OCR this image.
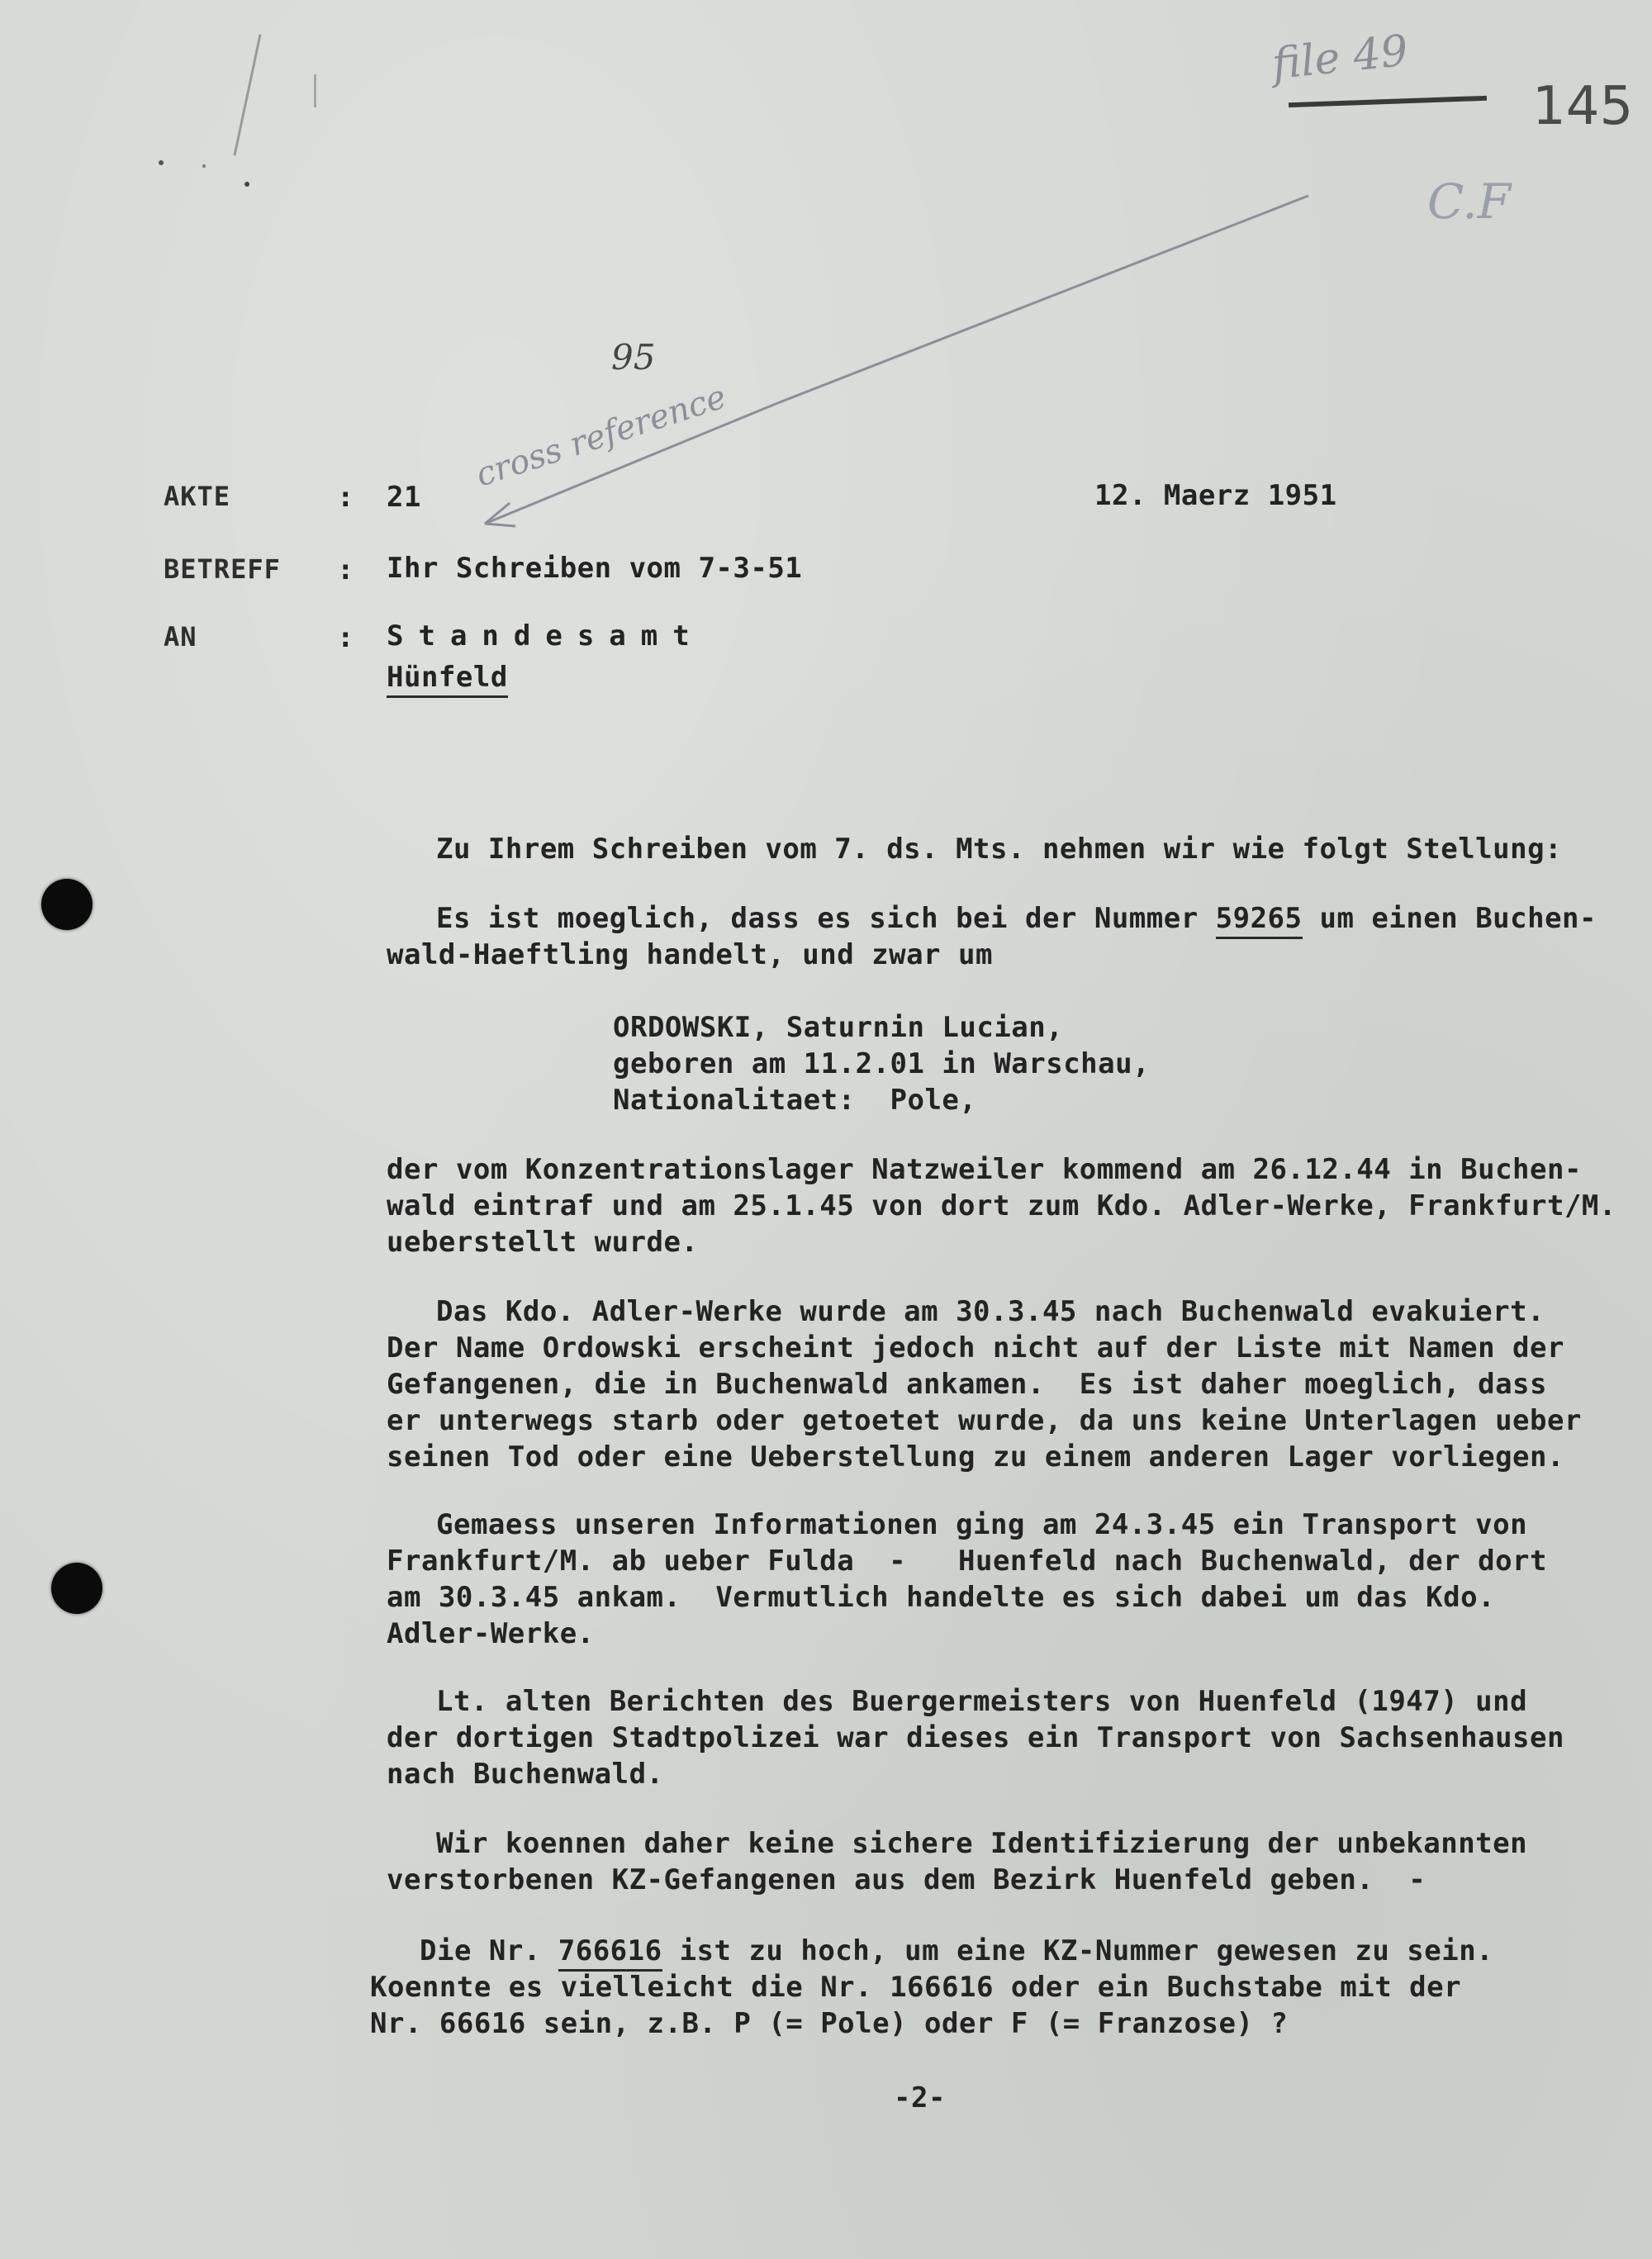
file 49
145
C.F

cross reference
95
AKTE	: 21	12. Maerz 1951
BETREFF : Ihr Schreiben vom 7-3-51
AN	: Standesamt
Hünfeld
Zu Ihrem Schreiben vom 7. ds. Mts. nehmen wir wie folgt Stellung:
Es ist moeglich, dass es sich bei der Nummer 59265 um einen Buchen-
wald-Haeftling handelt, und zwar um
ORDOWSKI, Saturnin Lucian,
geboren am 11.2.01 in Warschau,
Nationalitaet:  Pole,
der vom Konzentrationslager Natzweiler kommend am 26.12.44 in Buchen-
wald eintraf und am 25.1.45 von dort zum Kdo. Adler-Werke, Frankfurt/M.
ueberstellt wurde.
Das Kdo. Adler-Werke wurde am 30.3.45 nach Buchenwald evakuiert.
Der Name Ordowski erscheint jedoch nicht auf der Liste mit Namen der
Gefangenen, die in Buchenwald ankamen.  Es ist daher moeglich, dass
er unterwegs starb oder getoetet wurde, da uns keine Unterlagen ueber
seinen Tod oder eine Ueberstellung zu einem anderen Lager vorliegen.
Gemaess unseren Informationen ging am 24.3.45 ein Transport von
Frankfurt/M. ab ueber Fulda  -   Huenfeld nach Buchenwald, der dort
am 30.3.45 ankam.  Vermutlich handelte es sich dabei um das Kdo.
Adler-Werke.
Lt. alten Berichten des Buergermeisters von Huenfeld (1947) und
der dortigen Stadtpolizei war dieses ein Transport von Sachsenhausen
nach Buchenwald.
Wir koennen daher keine sichere Identifizierung der unbekannten
verstorbenen KZ-Gefangenen aus dem Bezirk Huenfeld geben.  -
Die Nr. 766616 ist zu hoch, um eine KZ-Nummer gewesen zu sein.
Koennte es vielleicht die Nr. 166616 oder ein Buchstabe mit der
Nr. 66616 sein, z.B. P (= Pole) oder F (= Franzose) ?
-2-
